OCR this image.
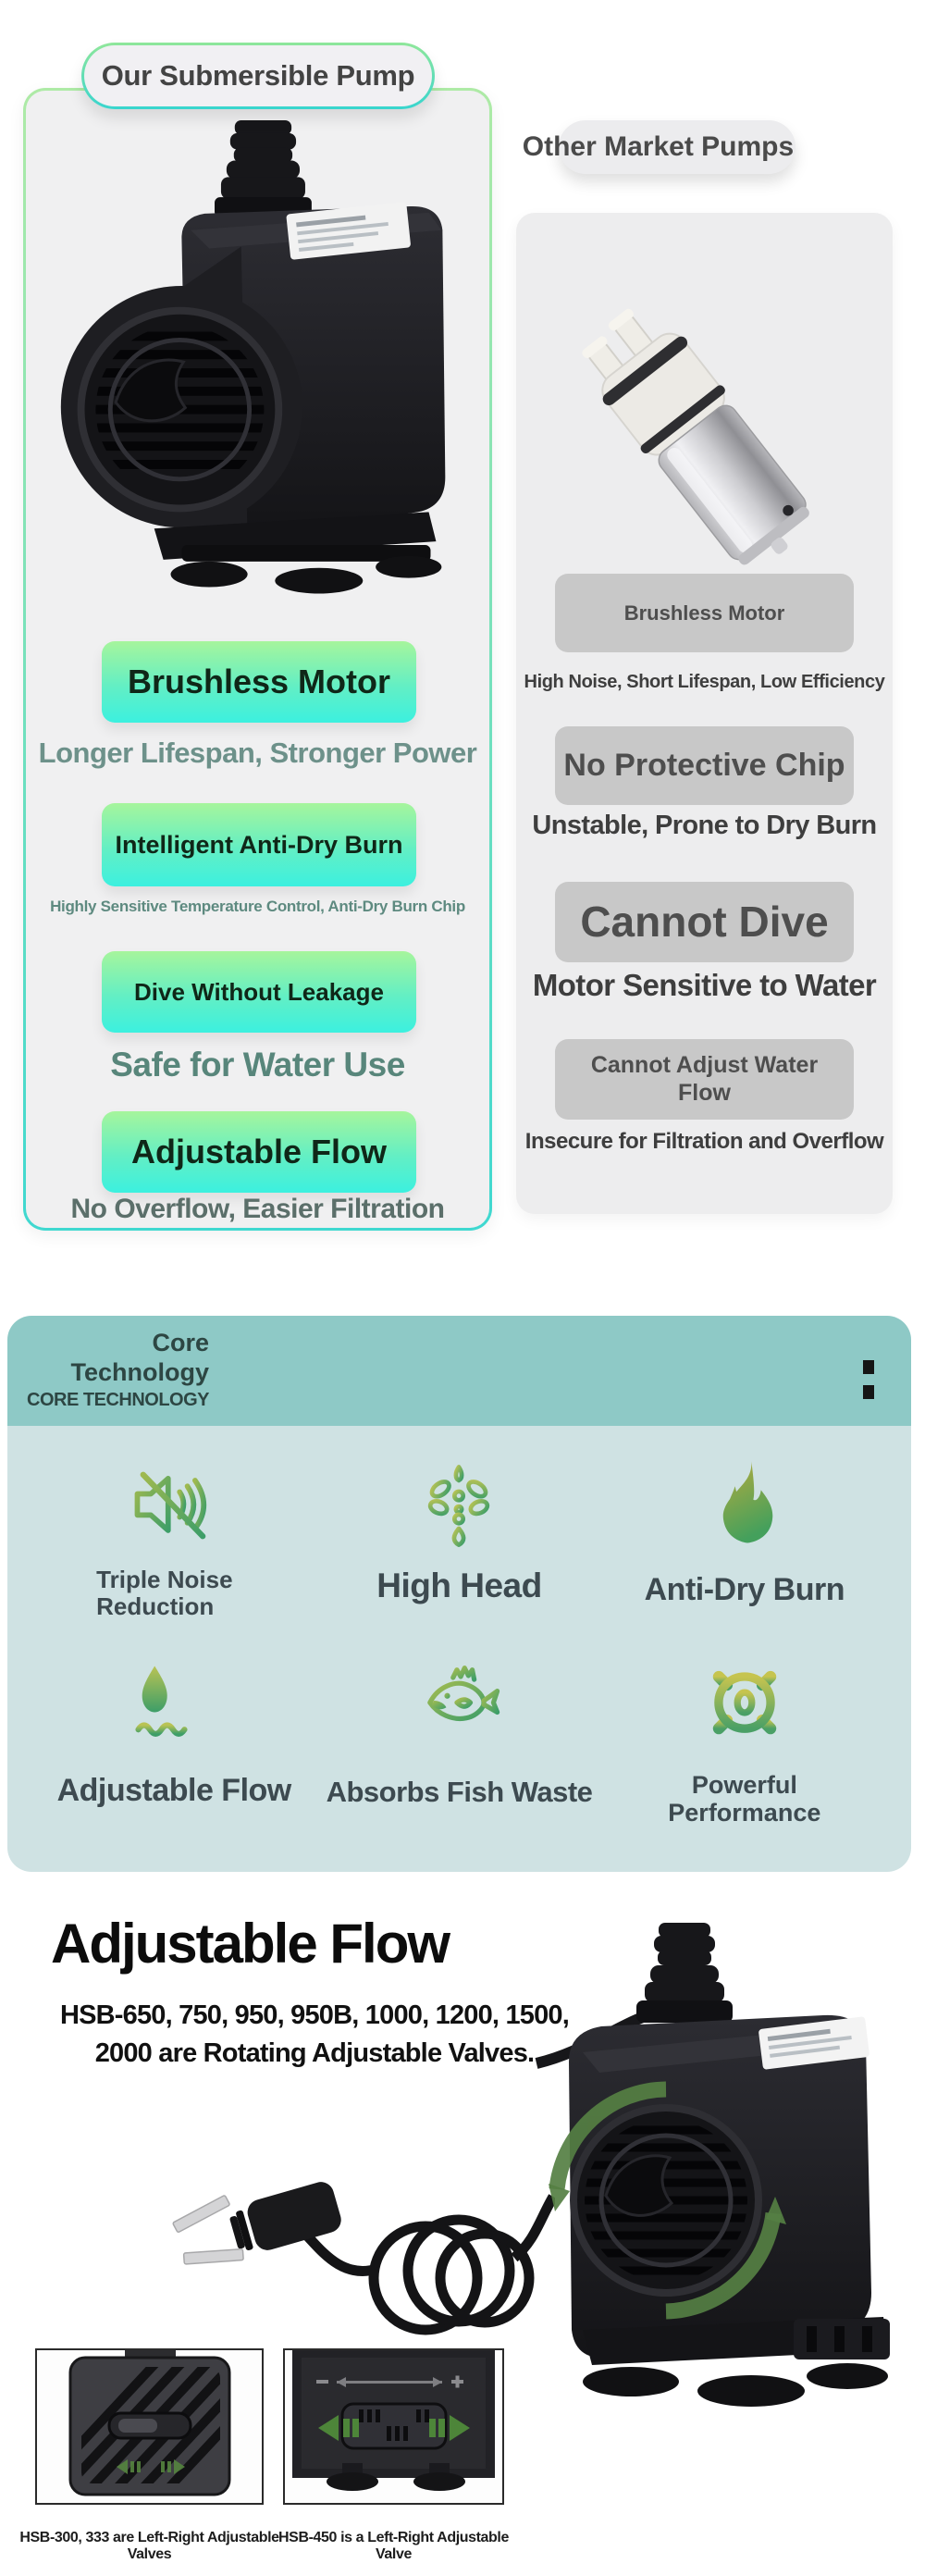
Brushless Motor
Longer Lifespan, Stronger Power
Intelligent Anti-Dry Burn
Highly Sensitive Temperature Control, Anti-Dry Burn Chip
Dive Without Leakage
Safe for Water Use
Adjustable Flow
No Overflow, Easier Filtration
Our Submersible Pump
Brushless Motor
High Noise, Short Lifespan, Low Efficiency
No Protective Chip
Unstable, Prone to Dry Burn
Cannot Dive
Motor Sensitive to Water
Cannot Adjust Water Flow
Insecure for Filtration and Overflow
Other Market Pumps
Core
Technology
CORE TECHNOLOGY

Triple Noise Reduction

High Head	Anti-Dry Burn

Adjustable Flow Absorbs Fish Waste	Powerful Performance

Adjustable Flow
HSB-650, 750, 950, 950B, 1000, 1200, 1500,
2000 are Rotating Adjustable Valves.
HSB-300, 333 are Left-Right Adjustable Valves
HSB-450 is a Left-Right Adjustable Valve
